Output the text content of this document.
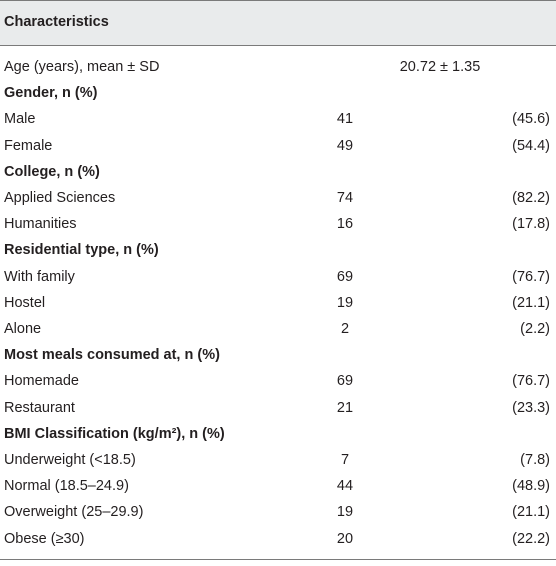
Characteristics
Age (years), mean ± SD	20.72 ± 1.35
Gender, n (%)
Male	41	(45.6)
Female	49	(54.4)
College, n (%)
Applied Sciences	74	(82.2)
Humanities	16	(17.8)
Residential type, n (%)
With family	69	(76.7)
Hostel	19	(21.1)
Alone	2	(2.2)
Most meals consumed at, n (%)
Homemade	69	(76.7)
Restaurant	21	(23.3)
BMI Classification (kg/m²), n (%)
Underweight (<18.5)	7	(7.8)
Normal (18.5–24.9)	44	(48.9)
Overweight (25–29.9)	19	(21.1)
Obese (≥30)	20	(22.2)
